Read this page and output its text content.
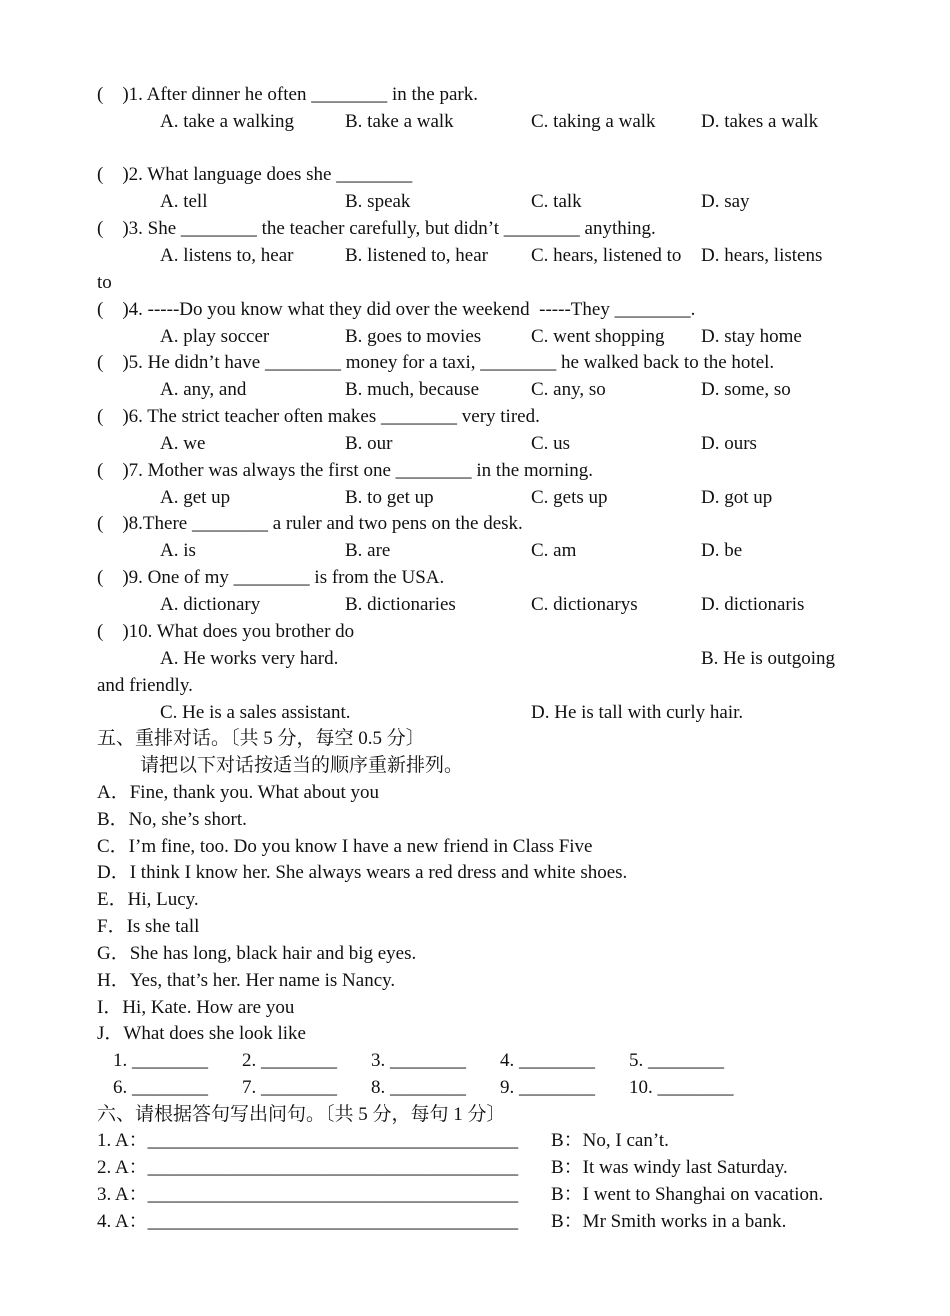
(    )1. After dinner he often ________ in the park.
A. take a walking	B. take a walk	C. taking a walk D. takes a walk
(    )2. What language does she ________
A. tell	B. speak	C. talk	D. say
(    )3. She ________ the teacher carefully, but didn’t ________ anything.
A. listens to, hear	B. listened to, hear C. hears, listened to D. hears, listens
to
(    )4. -----Do you know what they did over the weekend  -----They ________.
A. play soccer	B. goes to movies	C. went shopping D. stay home
(    )5. He didn’t have ________ money for a taxi, ________ he walked back to the hotel.
A. any, and	B. much, because	C. any, so	D. some, so
(    )6. The strict teacher often makes ________ very tired.
A. we	B. our	C. us	D. ours
(    )7. Mother was always the first one ________ in the morning.
A. get up	B. to get up	C. gets up	D. got up
(    )8.There ________ a ruler and two pens on the desk.
A. is	B. are	C. am	D. be
(    )9. One of my ________ is from the USA.
A. dictionary	B. dictionaries	C. dictionarys	D. dictionaris
(    )10. What does you brother do
A. He works very hard.	B. He is outgoing
and friendly.
C. He is a sales assistant.	D. He is tall with curly hair.
五、重排对话。〔共 5 分，每空 0.5 分〕
请把以下对话按适当的顺序重新排列。
A．Fine, thank you. What about you
B．No, she’s short.
C．I’m fine, too. Do you know I have a new friend in Class Five
D．I think I know her. She always wears a red dress and white shoes.
E．Hi, Lucy.
F．Is she tall
G．She has long, black hair and big eyes.
H．Yes, that’s her. Her name is Nancy.
I．Hi, Kate. How are you
J．What does she look like
1. ________ 2. ________ 3. ________ 4. ________ 5. ________
6. ________ 7. ________ 8. ________ 9. ________ 10. ________
六、请根据答句写出问句。〔共 5 分，每句 1 分〕
1. A：_______________________________________ B：No, I can’t.
2. A：_______________________________________ B：It was windy last Saturday.
3. A：_______________________________________ B：I went to Shanghai on vacation.
4. A：_______________________________________ B：Mr Smith works in a bank.
